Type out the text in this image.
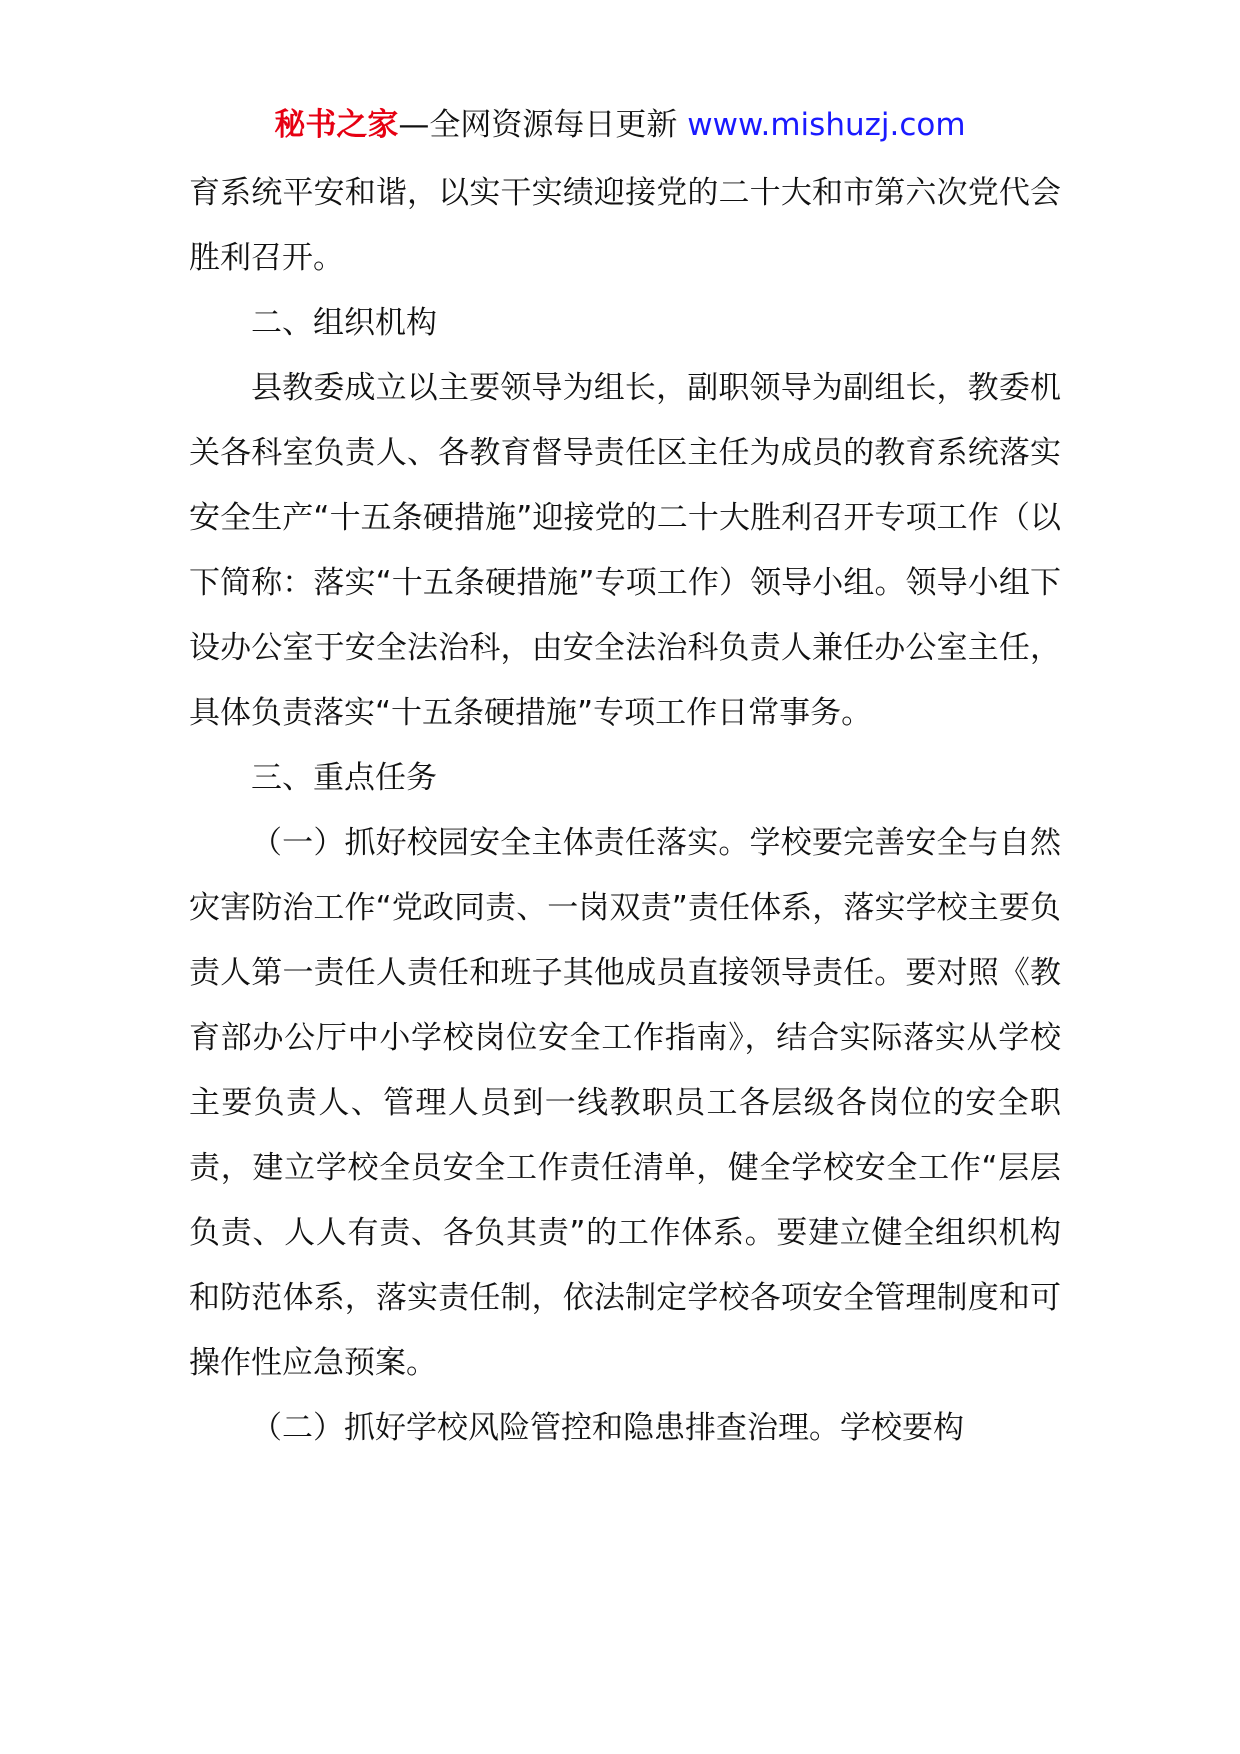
秘书之家—全网资源每日更新 www.mishuzj.com

育系统平安和谐，以实干实绩迎接党的二十大和市第六次党代会胜利召开。

二、组织机构

县教委成立以主要领导为组长，副职领导为副组长，教委机关各科室负责人、各教育督导责任区主任为成员的教育系统落实安全生产“十五条硬措施”迎接党的二十大胜利召开专项工作（以下简称：落实“十五条硬措施”专项工作）领导小组。领导小组下设办公室于安全法治科，由安全法治科负责人兼任办公室主任，具体负责落实“十五条硬措施”专项工作日常事务。

三、重点任务

（一）抓好校园安全主体责任落实。学校要完善安全与自然灾害防治工作“党政同责、一岗双责”责任体系，落实学校主要负责人第一责任人责任和班子其他成员直接领导责任。要对照《教育部办公厅中小学校岗位安全工作指南》，结合实际落实从学校主要负责人、管理人员到一线教职员工各层级各岗位的安全职责，建立学校全员安全工作责任清单，健全学校安全工作“层层负责、人人有责、各负其责”的工作体系。要建立健全组织机构和防范体系，落实责任制，依法制定学校各项安全管理制度和可操作性应急预案。

（二）抓好学校风险管控和隐患排查治理。学校要构
